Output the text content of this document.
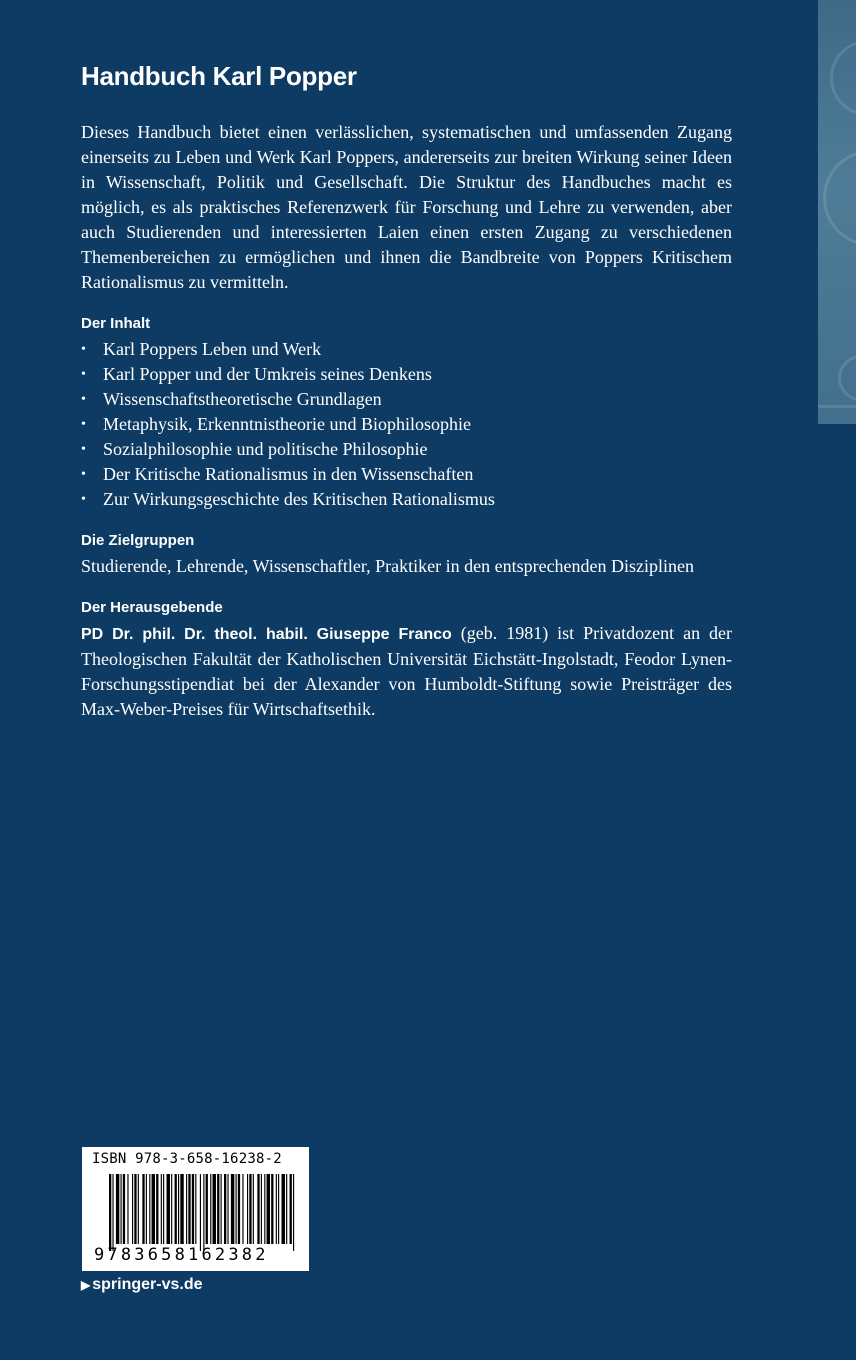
Handbuch Karl Popper

Dieses Handbuch bietet einen verlässlichen, systematischen und umfassenden Zugang einerseits zu Leben und Werk Karl Poppers, andererseits zur breiten Wirkung seiner Ideen in Wissenschaft, Politik und Gesellschaft. Die Struktur des Handbuches macht es möglich, es als praktisches Referenzwerk für Forschung und Lehre zu verwenden, aber auch Studierenden und interessierten Laien einen ersten Zugang zu verschiedenen Themenbereichen zu ermöglichen und ihnen die Bandbreite von Poppers Kritischem Rationalismus zu vermitteln.

Der Inhalt
• Karl Poppers Leben und Werk
• Karl Popper und der Umkreis seines Denkens
• Wissenschaftstheoretische Grundlagen
• Metaphysik, Erkenntnistheorie und Biophilosophie
• Sozialphilosophie und politische Philosophie
• Der Kritische Rationalismus in den Wissenschaften
• Zur Wirkungsgeschichte des Kritischen Rationalismus
Die Zielgruppen

Studierende, Lehrende, Wissenschaftler, Praktiker in den entsprechenden Disziplinen

Der Herausgebende

PD Dr. phil. Dr. theol. habil. Giuseppe Franco (geb. 1981) ist Privatdozent an der Theologischen Fakultät der Katholischen Universität Eichstätt-Ingolstadt, Feodor Lynen-Forschungsstipendiat bei der Alexander von Humboldt-Stiftung sowie Preisträger des Max-Weber-Preises für Wirtschaftsethik.

ISBN 978-3-658-16238-2
9783658162382
▶ springer-vs.de
